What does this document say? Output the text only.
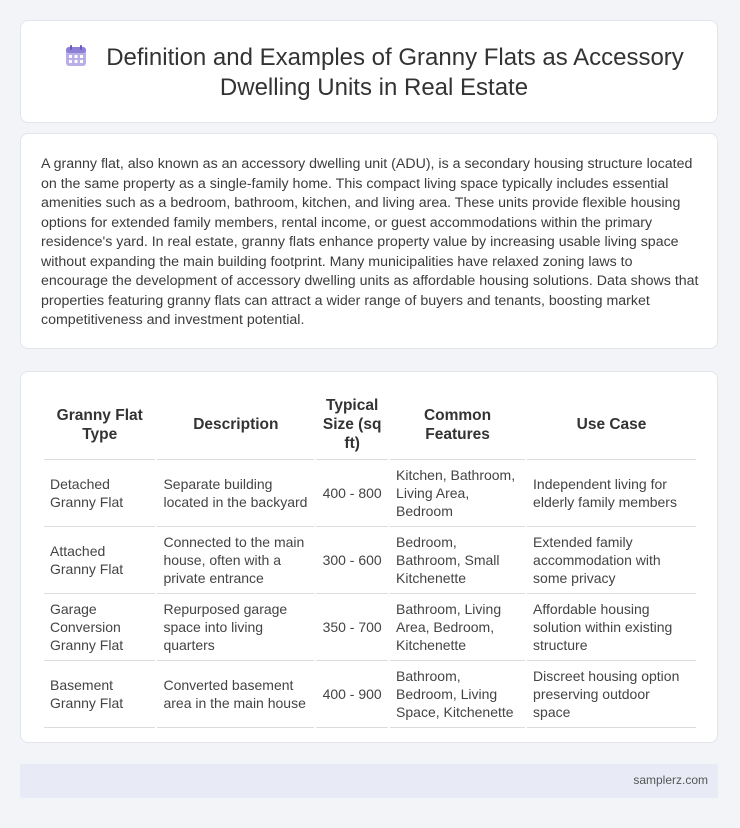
Definition and Examples of Granny Flats as Accessory Dwelling Units in Real Estate
A granny flat, also known as an accessory dwelling unit (ADU), is a secondary housing structure located on the same property as a single-family home. This compact living space typically includes essential amenities such as a bedroom, bathroom, kitchen, and living area. These units provide flexible housing options for extended family members, rental income, or guest accommodations within the primary residence's yard. In real estate, granny flats enhance property value by increasing usable living space without expanding the main building footprint. Many municipalities have relaxed zoning laws to encourage the development of accessory dwelling units as affordable housing solutions. Data shows that properties featuring granny flats can attract a wider range of buyers and tenants, boosting market competitiveness and investment potential.
Granny Flat Type	Description	Typical Size (sq ft)	Common Features	Use Case
Detached Granny Flat	Separate building located in the backyard	400 - 800	Kitchen, Bathroom, Living Area, Bedroom	Independent living for elderly family members
Attached Granny Flat	Connected to the main house, often with a private entrance	300 - 600	Bedroom, Bathroom, Small Kitchenette	Extended family accommodation with some privacy
Garage Conversion Granny Flat	Repurposed garage space into living quarters	350 - 700	Bathroom, Living Area, Bedroom, Kitchenette	Affordable housing solution within existing structure
Basement Granny Flat	Converted basement area in the main house	400 - 900	Bathroom, Bedroom, Living Space, Kitchenette	Discreet housing option preserving outdoor space
samplerz.com
